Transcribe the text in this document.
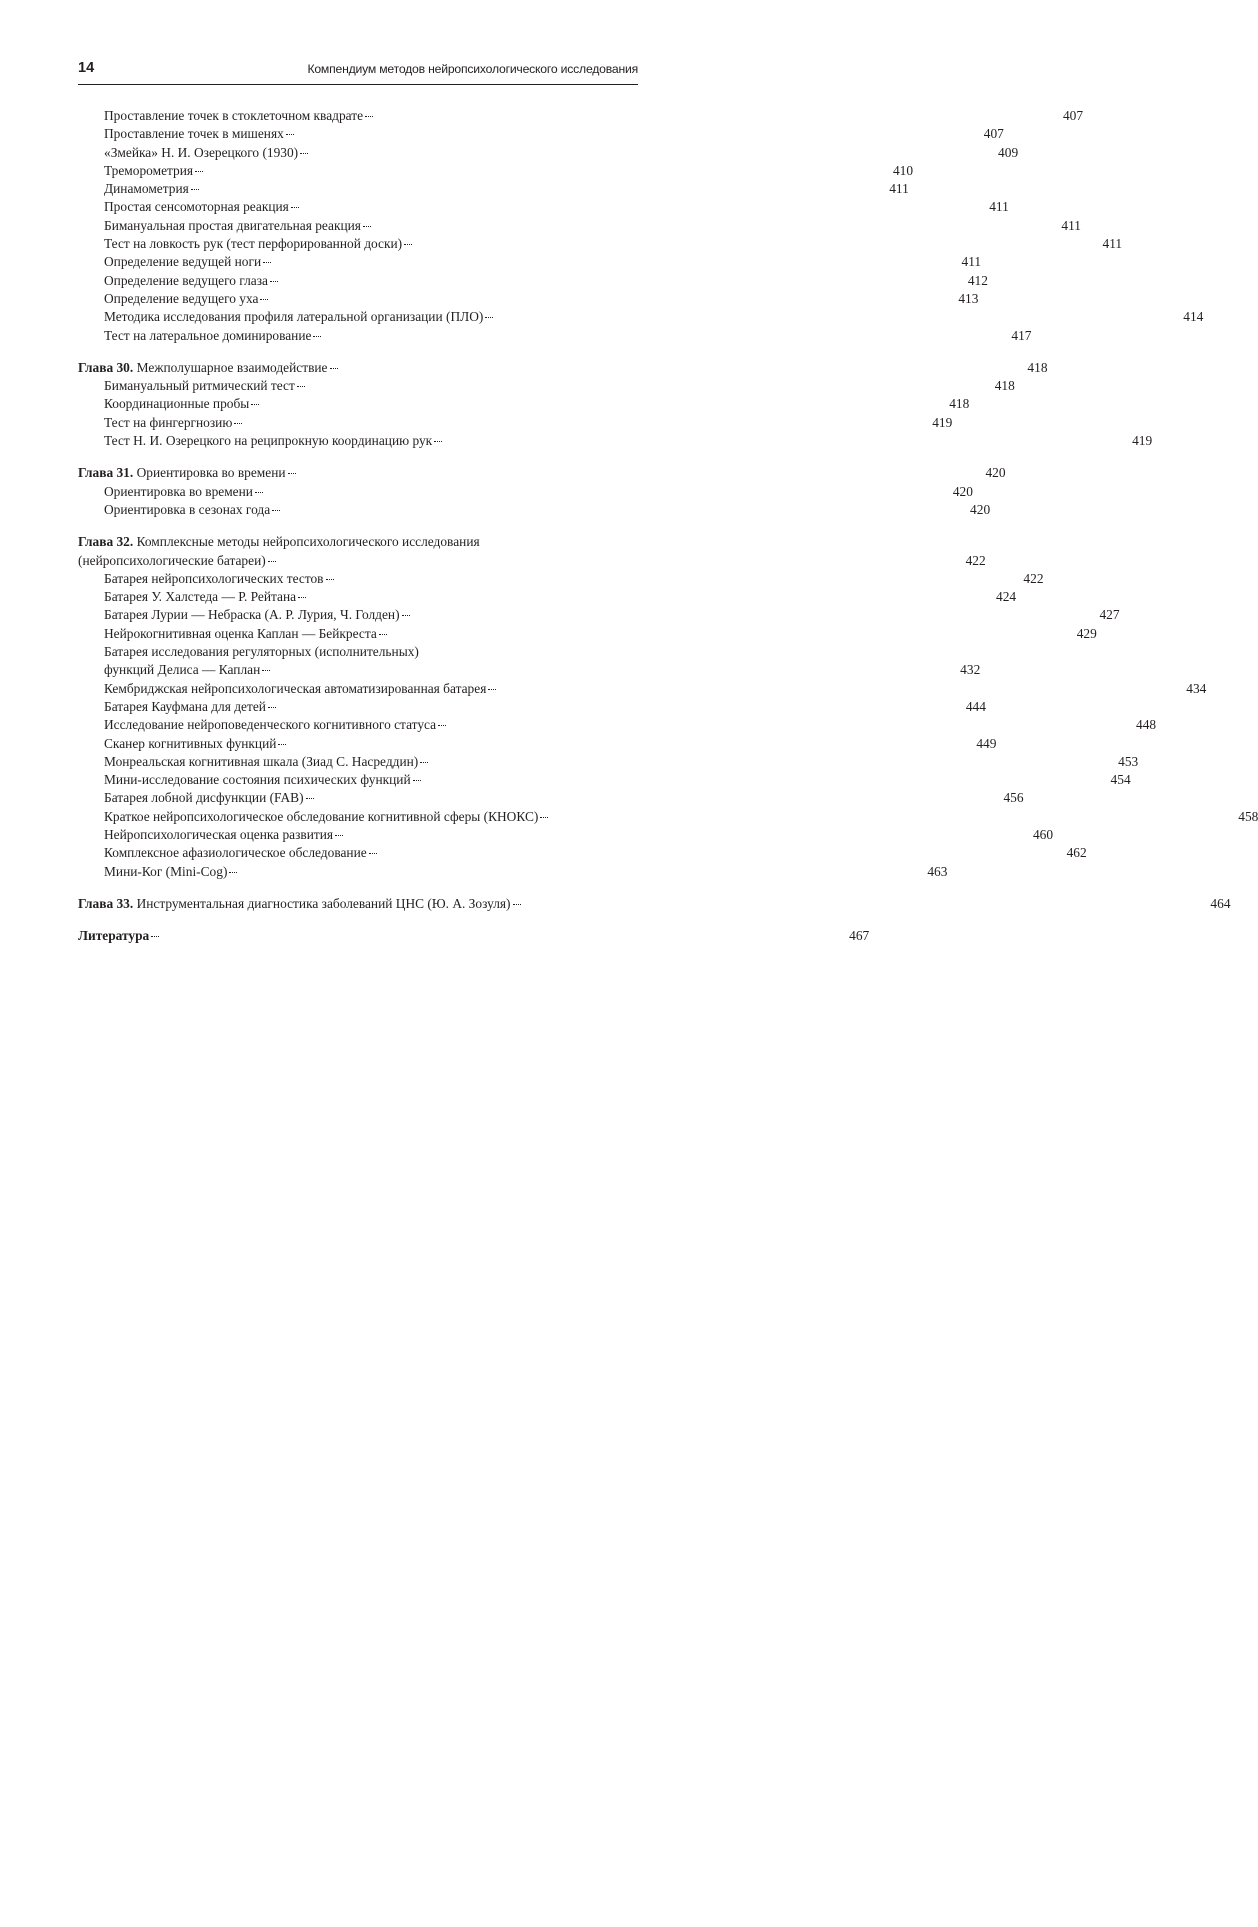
14	Компендиум методов нейропсихологического исследования
Проставление точек в стоклеточном квадрате	407
Проставление точек в мишенях	407
«Змейка» Н. И. Озерецкого (1930)	409
Треморометрия	410
Динамометрия	411
Простая сенсомоторная реакция	411
Бимануальная простая двигательная реакция	411
Тест на ловкость рук (тест перфорированной доски)	411
Определение ведущей ноги	411
Определение ведущего глаза	412
Определение ведущего уха	413
Методика исследования профиля латеральной организации (ПЛО)	414
Тест на латеральное доминирование	417
Глава 30. Межполушарное взаимодействие	418
Бимануальный ритмический тест	418
Координационные пробы	418
Тест на фингергнозию	419
Тест Н. И. Озерецкого на реципрокную координацию рук	419
Глава 31. Ориентировка во времени	420
Ориентировка во времени	420
Ориентировка в сезонах года	420
Глава 32. Комплексные методы нейропсихологического исследования
(нейропсихологические батареи)	422
Батарея нейропсихологических тестов	422
Батарея У. Халстеда — Р. Рейтана	424
Батарея Лурии — Небраска (А. Р. Лурия, Ч. Голден)	427
Нейрокогнитивная оценка Каплан — Бейкреста	429
Батарея исследования регуляторных (исполнительных)
функций Делиса — Каплан	432
Кембриджская нейропсихологическая автоматизированная батарея	434
Батарея Кауфмана для детей	444
Исследование нейроповеденческого когнитивного статуса	448
Сканер когнитивных функций	449
Монреальская когнитивная шкала (Зиад С. Насреддин)	453
Мини-исследование состояния психических функций	454
Батарея лобной дисфункции (FAB)	456
Краткое нейропсихологическое обследование когнитивной сферы (КНОКС)	458
Нейропсихологическая оценка развития	460
Комплексное афазиологическое обследование	462
Мини-Ког (Mini-Cog)	463
Глава 33. Инструментальная диагностика заболеваний ЦНС (Ю. А. Зозуля)	464
Литература	467
